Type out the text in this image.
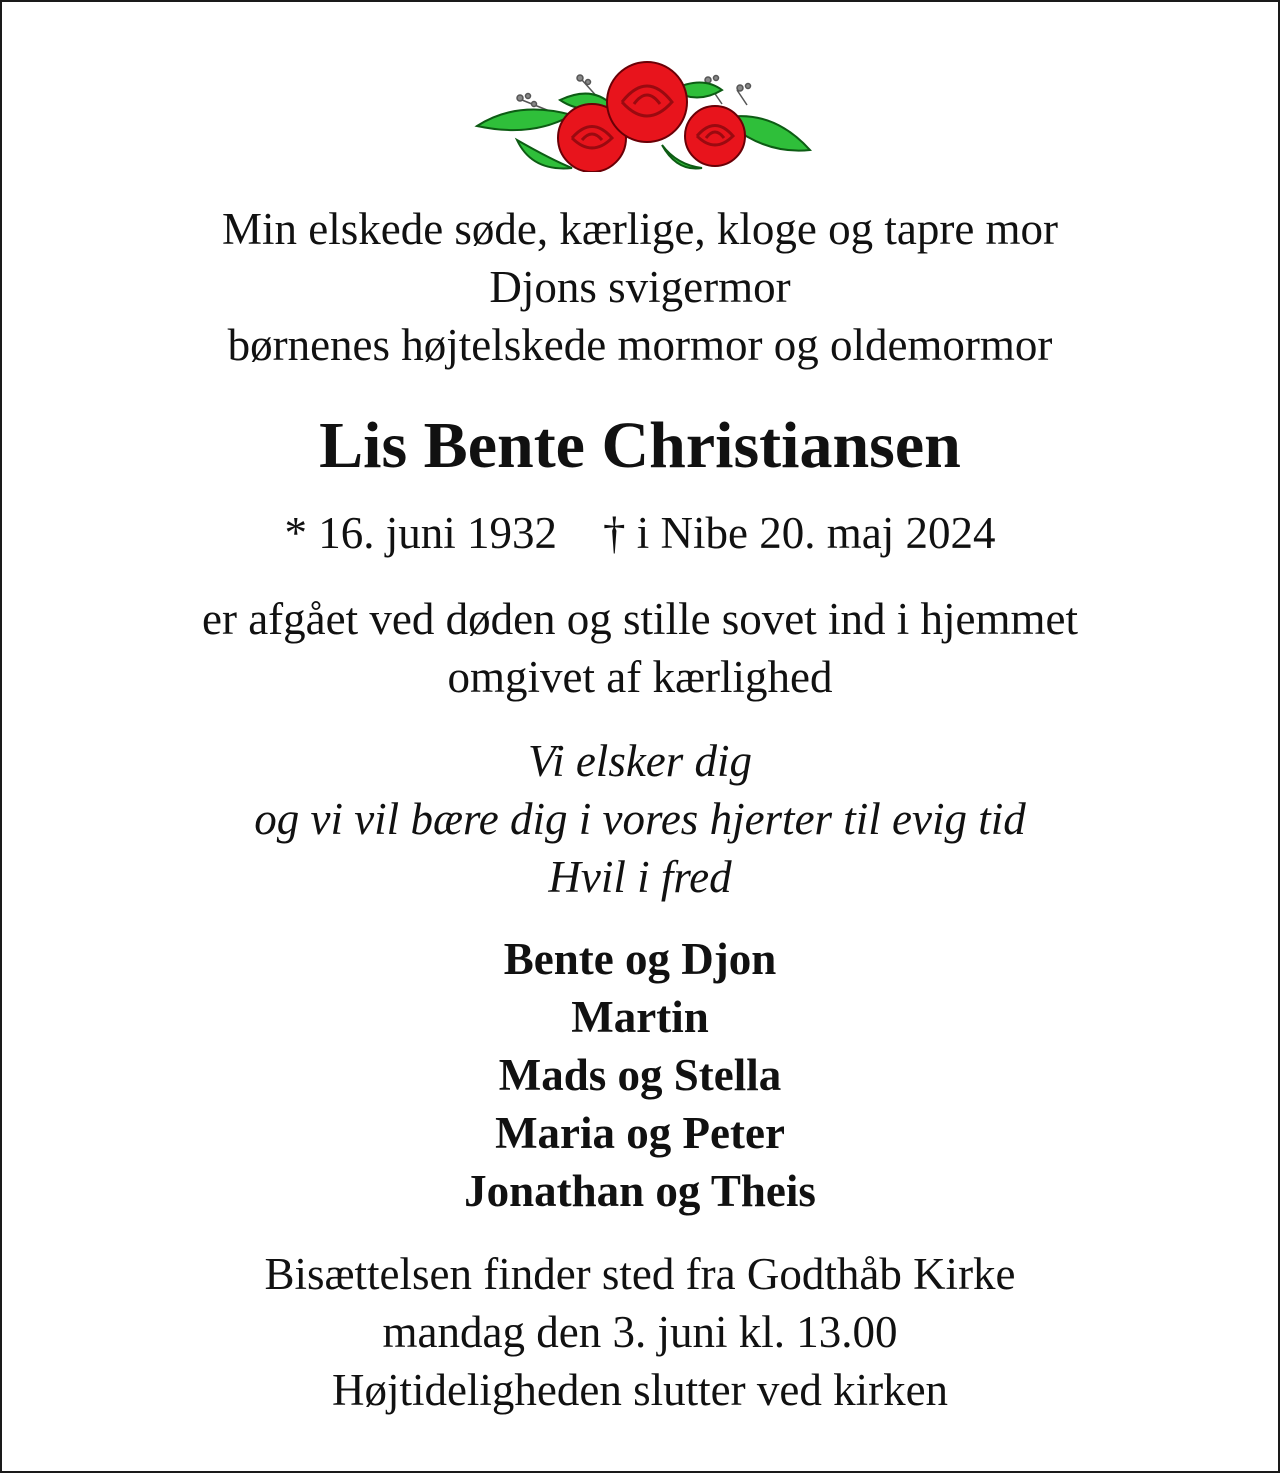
Min elskede søde, kærlige, kloge og tapre mor
Djons svigermor
børnenes højtelskede mormor og oldemormor
Lis Bente Christiansen
* 16. juni 1932 † i Nibe 20. maj 2024
er afgået ved døden og stille sovet ind i hjemmet
omgivet af kærlighed
Vi elsker dig
og vi vil bære dig i vores hjerter til evig tid
Hvil i fred
Bente og Djon
Martin
Mads og Stella
Maria og Peter
Jonathan og Theis
Bisættelsen finder sted fra Godthåb Kirke
mandag den 3. juni kl. 13.00
Højtideligheden slutter ved kirken
